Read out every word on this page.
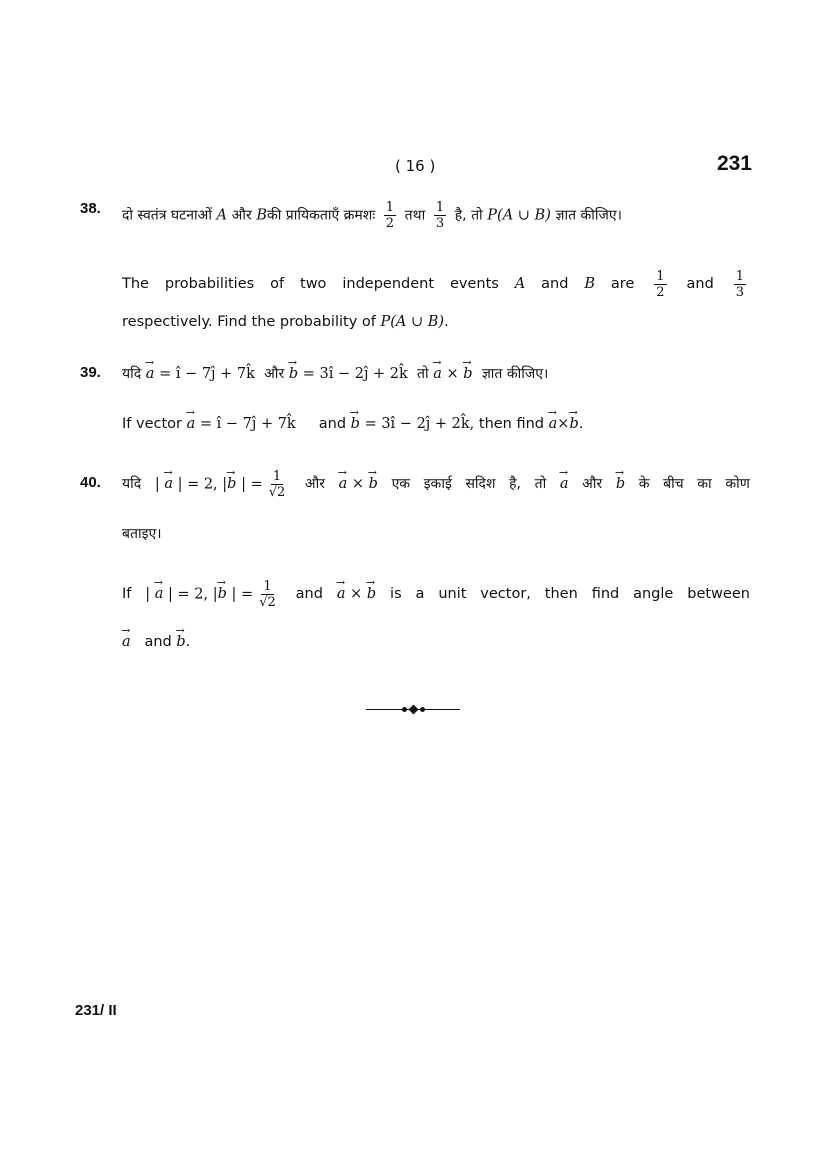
( 16 )	231
38. दो स्वतंत्र घटनाओं A और Bकी प्रायिकताएँ क्रमशः $\frac{1}{2}$ तथा $\frac{1}{3}$ है, तो P(A ∪ B) ज्ञात कीजिए।
The probabilities of two independent events A and B are $\frac{1}{2}$ and $\frac{1}{3}$
respectively. Find the probability of P(A ∪ B).
39. यदि → a = î − 7ĵ + 7k̂ और → b = 3î − 2ĵ + 2k̂ तो → a × → b ज्ञात कीजिए।
If vector → a = î − 7ĵ + 7k̂ and → b = 3î − 2ĵ + 2k̂, then find → a×→ b.
40. यदि | → a | = 2, |→ b | = $\frac{1}{√2}$ और → a × → b एक इकाई सदिश है, तो → a और → b के बीच का कोण
बताइए।
If | → a | = 2, |→ b | = $\frac{1}{√2}$ and → a × → b is a unit vector, then find angle between
→ a and → b.
231/ II
